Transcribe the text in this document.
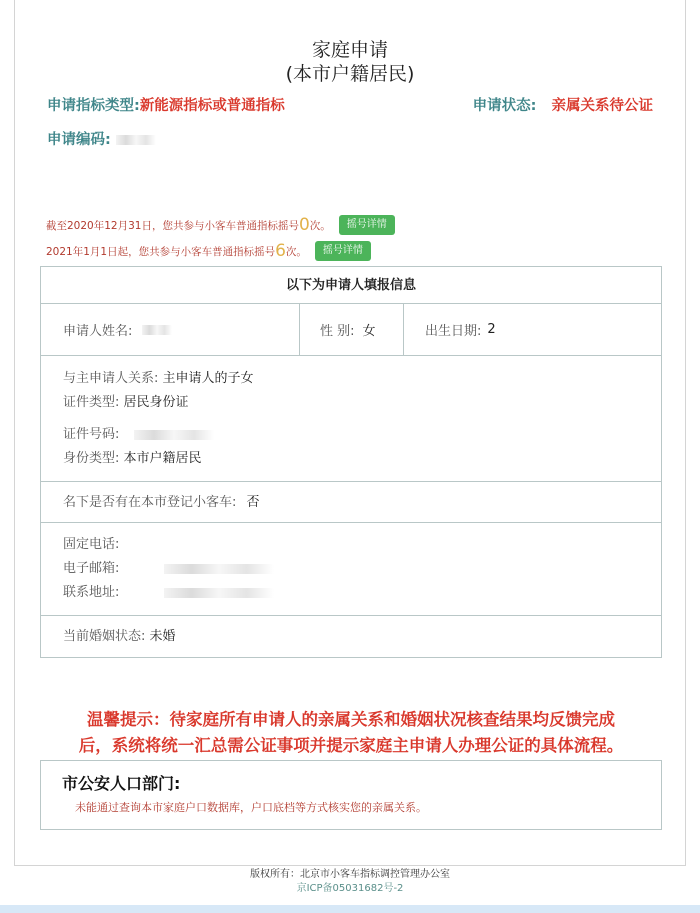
家庭申请
(本市户籍居民)
申请指标类型:新能源指标或普通指标	申请状态: 亲属关系待公证
申请编码:
截至2020年12月31日，您共参与小客车普通指标摇号 0 次。	摇号详情
2021年1月1日起，您共参与小客车普通指标摇号 6 次。	摇号详情
以下为申请人填报信息
申请人姓名:	性 别: 女	出生日期: 2
与主申请人关系: 主申请人的子女
证件类型: 居民身份证
证件号码:
身份类型: 本市户籍居民
名下是否有在本市登记小客车: 否
固定电话:
电子邮箱:
联系地址:
当前婚姻状态: 未婚
温馨提示：待家庭所有申请人的亲属关系和婚姻状况核查结果均反馈完成
后，系统将统一汇总需公证事项并提示家庭主申请人办理公证的具体流程。
市公安人口部门:
未能通过查询本市家庭户口数据库，户口底档等方式核实您的亲属关系。
版权所有：北京市小客车指标调控管理办公室
京ICP备05031682号-2
